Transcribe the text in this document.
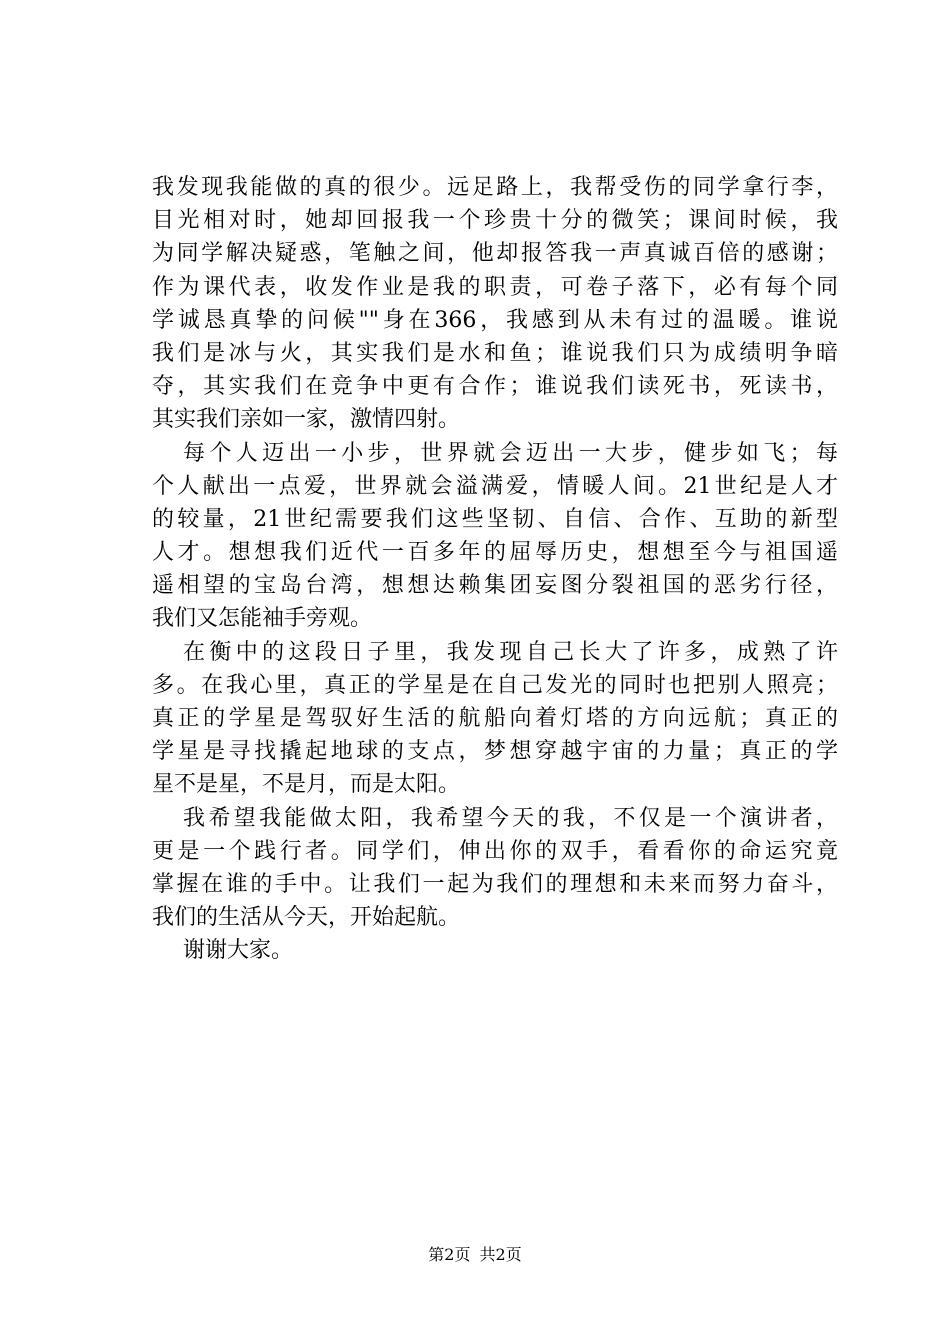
我发现我能做的真的很少。远足路上，我帮受伤的同学拿行李，
目光相对时，她却回报我一个珍贵十分的微笑；课间时候，我
为同学解决疑惑，笔触之间，他却报答我一声真诚百倍的感谢；
作为课代表，收发作业是我的职责，可卷子落下，必有每个同
学诚恳真挚的问候""身在366，我感到从未有过的温暖。谁说
我们是冰与火，其实我们是水和鱼；谁说我们只为成绩明争暗
夺，其实我们在竞争中更有合作；谁说我们读死书，死读书，
其实我们亲如一家，激情四射。
每个人迈出一小步，世界就会迈出一大步，健步如飞；每
个人献出一点爱，世界就会溢满爱，情暖人间。21世纪是人才
的较量，21世纪需要我们这些坚韧、自信、合作、互助的新型
人才。想想我们近代一百多年的屈辱历史，想想至今与祖国遥
遥相望的宝岛台湾，想想达赖集团妄图分裂祖国的恶劣行径，
我们又怎能袖手旁观。
在衡中的这段日子里，我发现自己长大了许多，成熟了许
多。在我心里，真正的学星是在自己发光的同时也把别人照亮；
真正的学星是驾驭好生活的航船向着灯塔的方向远航；真正的
学星是寻找撬起地球的支点，梦想穿越宇宙的力量；真正的学
星不是星，不是月，而是太阳。
我希望我能做太阳，我希望今天的我，不仅是一个演讲者，
更是一个践行者。同学们，伸出你的双手，看看你的命运究竟
掌握在谁的手中。让我们一起为我们的理想和未来而努力奋斗，
我们的生活从今天，开始起航。
谢谢大家。
第2页 共2页
